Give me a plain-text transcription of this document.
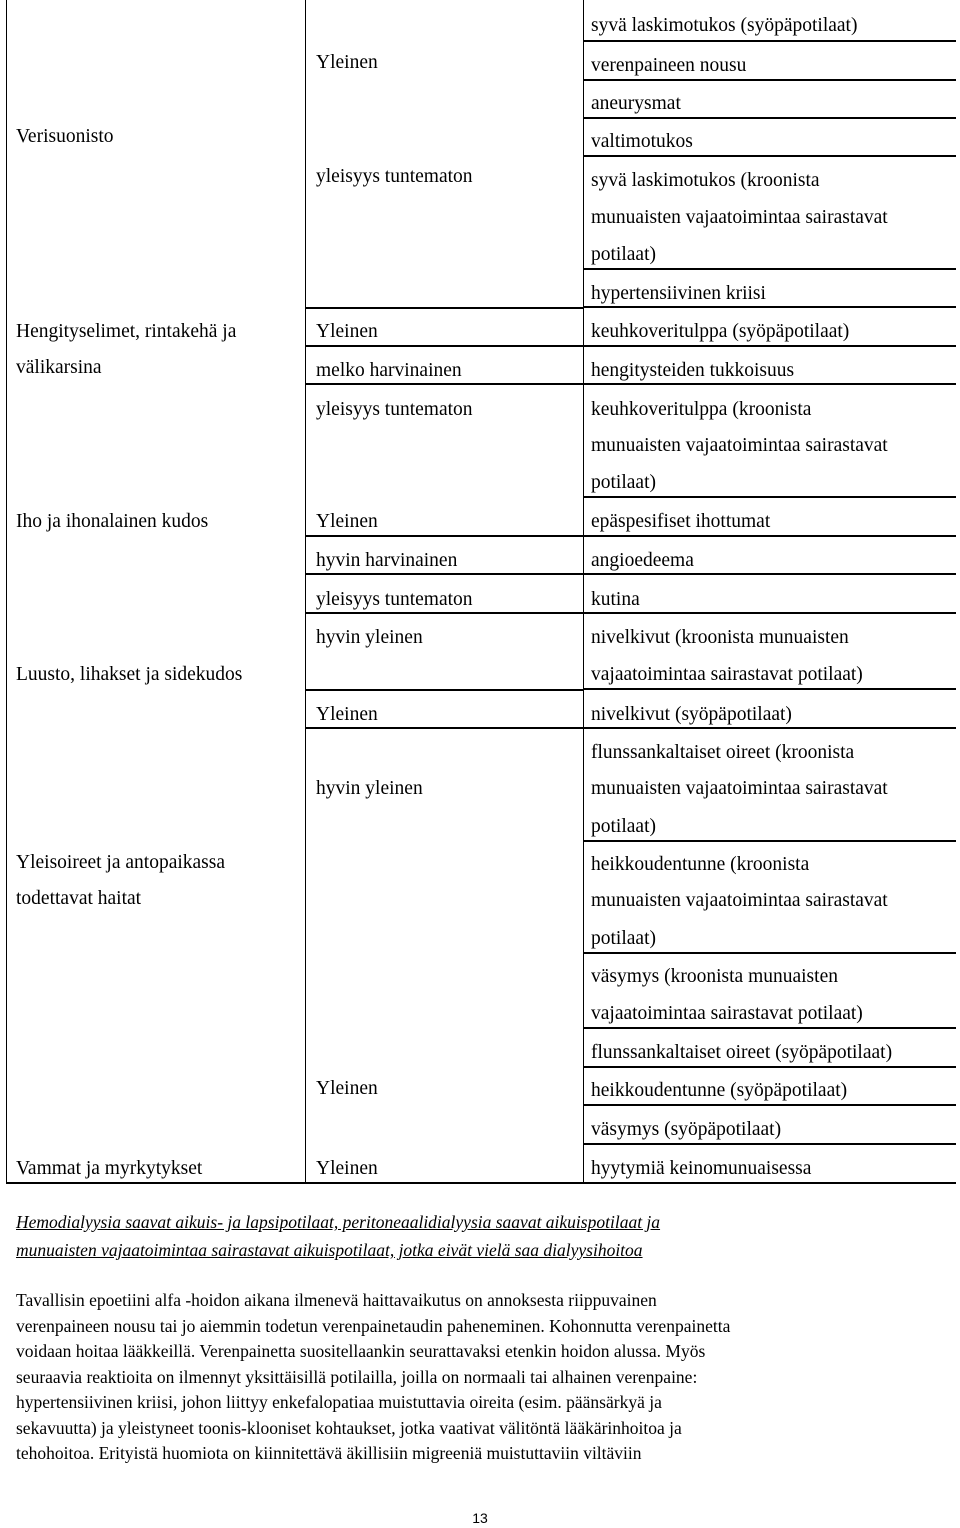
Verisuonisto
Hengityselimet, rintakehä ja
välikarsina
Iho ja ihonalainen kudos
Luusto, lihakset ja sidekudos
Yleisoireet ja antopaikassa
todettavat haitat
Vammat ja myrkytykset
Yleinen
yleisyys tuntematon
Yleinen
melko harvinainen
yleisyys tuntematon
Yleinen
hyvin harvinainen
yleisyys tuntematon
hyvin yleinen
Yleinen
hyvin yleinen
Yleinen
Yleinen
syvä laskimotukos (syöpäpotilaat)
verenpaineen nousu
aneurysmat
valtimotukos
syvä laskimotukos (kroonista
munuaisten vajaatoimintaa sairastavat
potilaat)
hypertensiivinen kriisi
keuhkoveritulppa (syöpäpotilaat)
hengitysteiden tukkoisuus
keuhkoveritulppa (kroonista
munuaisten vajaatoimintaa sairastavat
potilaat)
epäspesifiset ihottumat
angioedeema
kutina
nivelkivut (kroonista munuaisten
vajaatoimintaa sairastavat potilaat)
nivelkivut (syöpäpotilaat)
flunssankaltaiset oireet (kroonista
munuaisten vajaatoimintaa sairastavat
potilaat)
heikkoudentunne (kroonista
munuaisten vajaatoimintaa sairastavat
potilaat)
väsymys (kroonista munuaisten
vajaatoimintaa sairastavat potilaat)
flunssankaltaiset oireet (syöpäpotilaat)
heikkoudentunne (syöpäpotilaat)
väsymys (syöpäpotilaat)
hyytymiä keinomunuaisessa
Hemodialyysia saavat aikuis- ja lapsipotilaat, peritoneaalidialyysia saavat aikuispotilaat ja
munuaisten vajaatoimintaa sairastavat aikuispotilaat, jotka eivät vielä saa dialyysihoitoa
Tavallisin epoetiini alfa -hoidon aikana ilmenevä haittavaikutus on annoksesta riippuvainen
verenpaineen nousu tai jo aiemmin todetun verenpainetaudin paheneminen. Kohonnutta verenpainetta
voidaan hoitaa lääkkeillä. Verenpainetta suositellaankin seurattavaksi etenkin hoidon alussa. Myös
seuraavia reaktioita on ilmennyt yksittäisillä potilailla, joilla on normaali tai alhainen verenpaine:
hypertensiivinen kriisi, johon liittyy enkefalopatiaa muistuttavia oireita (esim. päänsärkyä ja
sekavuutta) ja yleistyneet toonis-klooniset kohtaukset, jotka vaativat välitöntä lääkärinhoitoa ja
tehohoitoa. Erityistä huomiota on kiinnitettävä äkillisiin migreeniä muistuttaviin viltäviin
13
